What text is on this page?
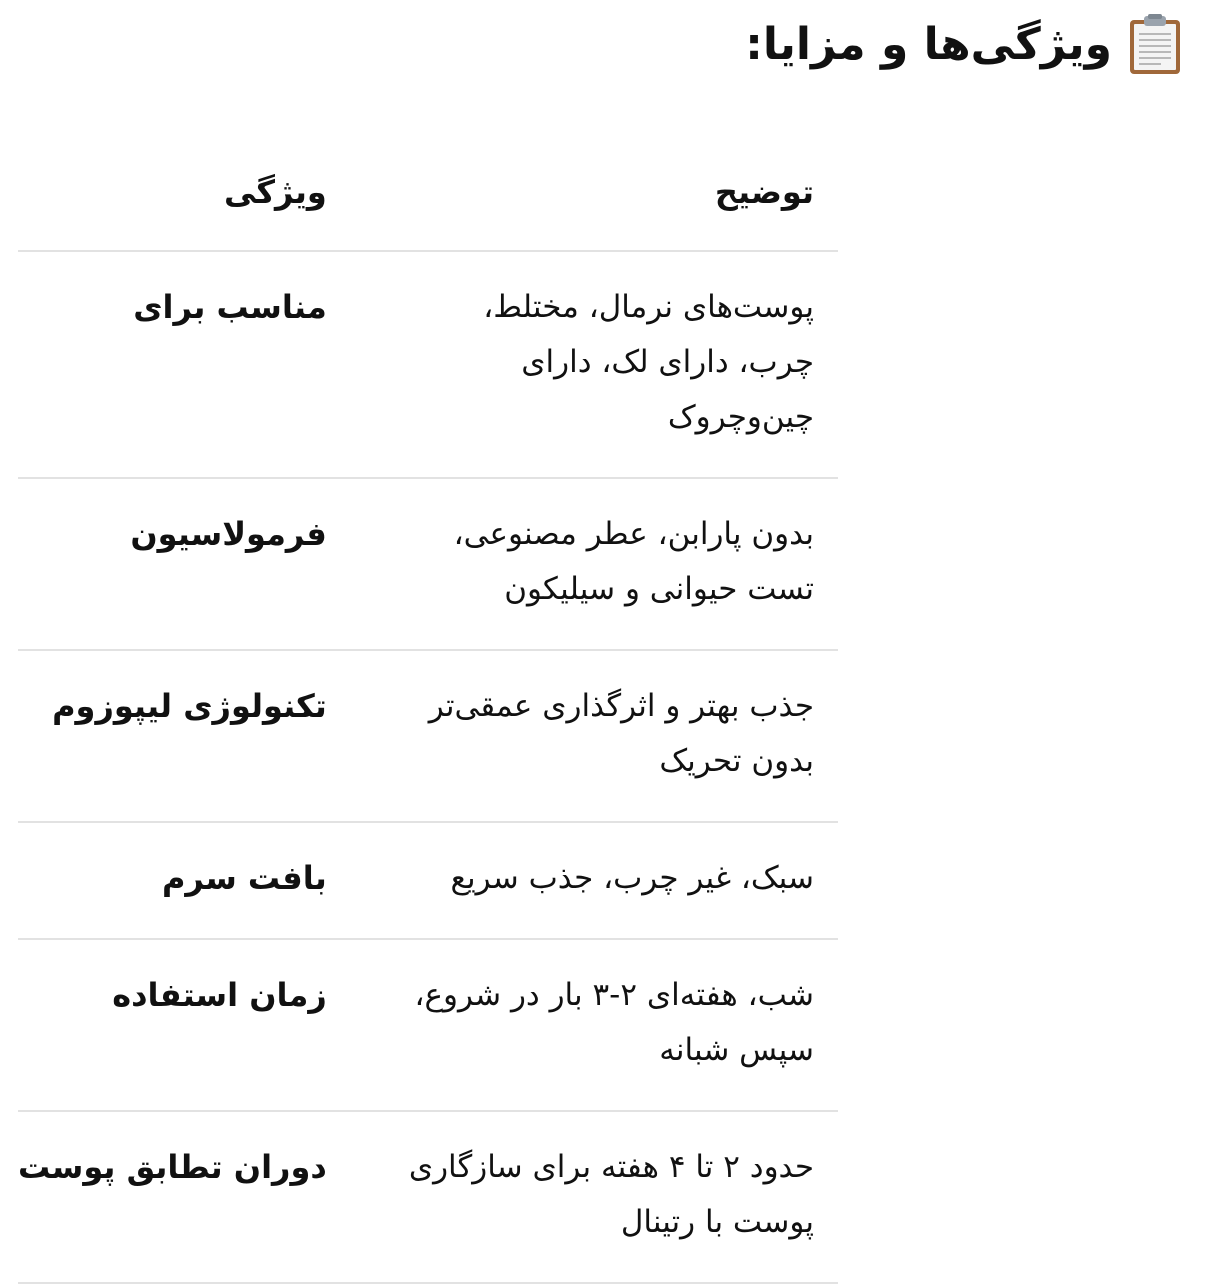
ویژگی‌ها و مزایا:
توضیح	ویژگی
پوست‌های نرمال، مختلط، چرب، دارای لک، دارای چین‌وچروک	مناسب برای
بدون پارابن، عطر مصنوعی، تست حیوانی و سیلیکون	فرمولاسیون
جذب بهتر و اثرگذاری عمقی‌تر بدون تحریک	تکنولوژی لیپوزوم
سبک، غیر چرب، جذب سریع	بافت سرم
شب، هفته‌ای ۲-۳ بار در شروع، سپس شبانه	زمان استفاده
حدود ۲ تا ۴ هفته برای سازگاری پوست با رتینال	دوران تطابق پوست
